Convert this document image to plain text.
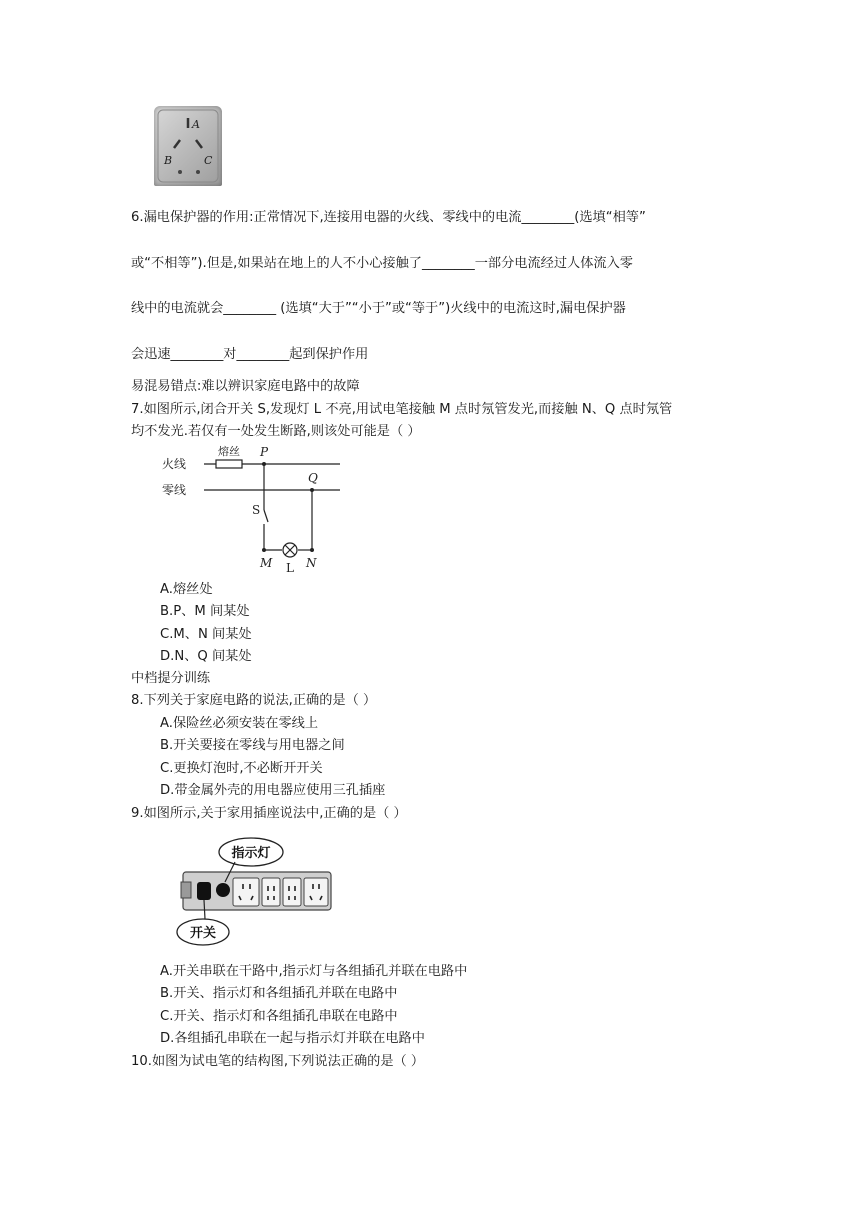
A
B	C
6.漏电保护器的作用:正常情况下,连接用电器的火线、零线中的电流________(选填“相等”
或“不相等”).但是,如果站在地上的人不小心接触了________一部分电流经过人体流入零
线中的电流就会________ (选填“大于”“小于”或“等于”)火线中的电流这时,漏电保护器
会迅速________对________起到保护作用
易混易错点:难以辨识家庭电路中的故障
7.如图所示,闭合开关 S,发现灯 L 不亮,用试电笔接触 M 点时氖管发光,而接触 N、Q 点时氖管
均不发光.若仅有一处发生断路,则该处可能是（ ）
火线
零线
熔丝 P
Q
S
M L N
A.熔丝处
B.P、M 间某处
C.M、N 间某处
D.N、Q 间某处
中档提分训练
8.下列关于家庭电路的说法,正确的是（ ）
A.保险丝必须安装在零线上
B.开关要接在零线与用电器之间
C.更换灯泡时,不必断开开关
D.带金属外壳的用电器应使用三孔插座
9.如图所示,关于家用插座说法中,正确的是（ ）
指示灯
开关
A.开关串联在干路中,指示灯与各组插孔并联在电路中
B.开关、指示灯和各组插孔并联在电路中
C.开关、指示灯和各组插孔串联在电路中
D.各组插孔串联在一起与指示灯并联在电路中
10.如图为试电笔的结构图,下列说法正确的是（ ）
